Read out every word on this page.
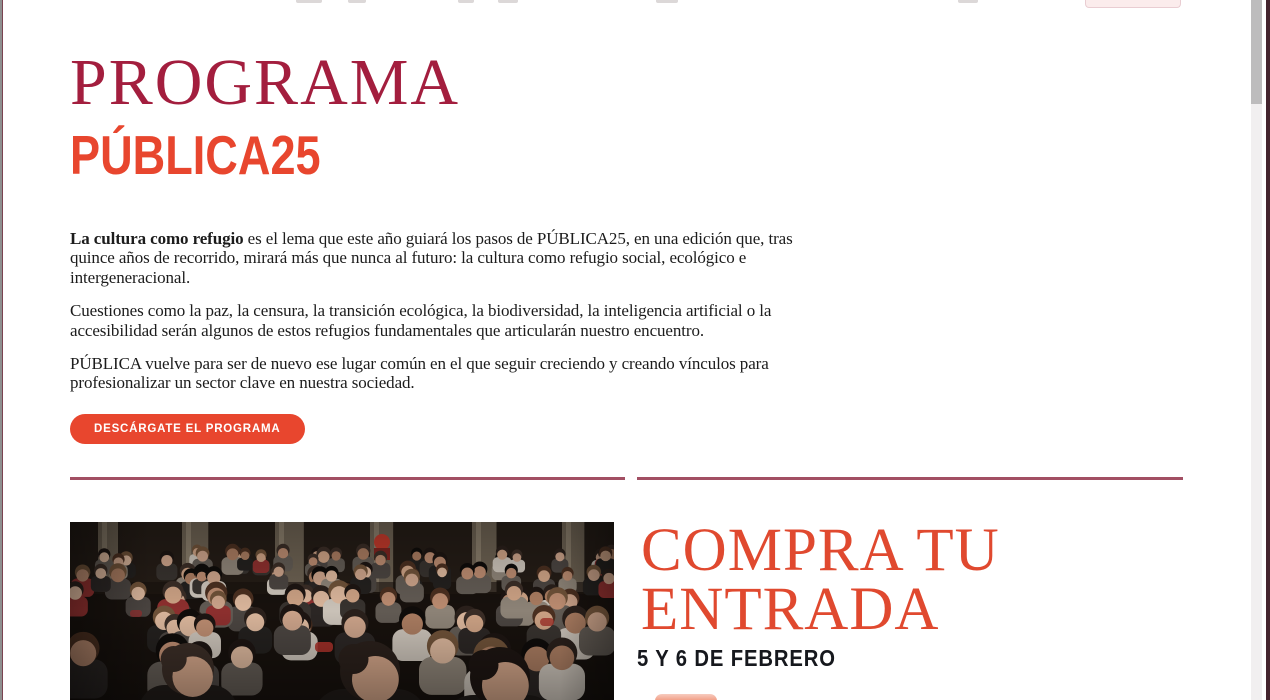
PROGRAMA
PÚBLICA25

La cultura como refugio es el lema que este año guiará los pasos de PÚBLICA25, en una edición que, tras quince años de recorrido, mirará más que nunca al futuro: la cultura como refugio social, ecológico e intergeneracional.

Cuestiones como la paz, la censura, la transición ecológica, la biodiversidad, la inteligencia artificial o la accesibilidad serán algunos de estos refugios fundamentales que articularán nuestro encuentro.

PÚBLICA vuelve para ser de nuevo ese lugar común en el que seguir creciendo y creando vínculos para profesionalizar un sector clave en nuestra sociedad.

DESCÁRGATE EL PROGRAMA
COMPRA TU
ENTRADA
5 Y 6 DE FEBRERO
